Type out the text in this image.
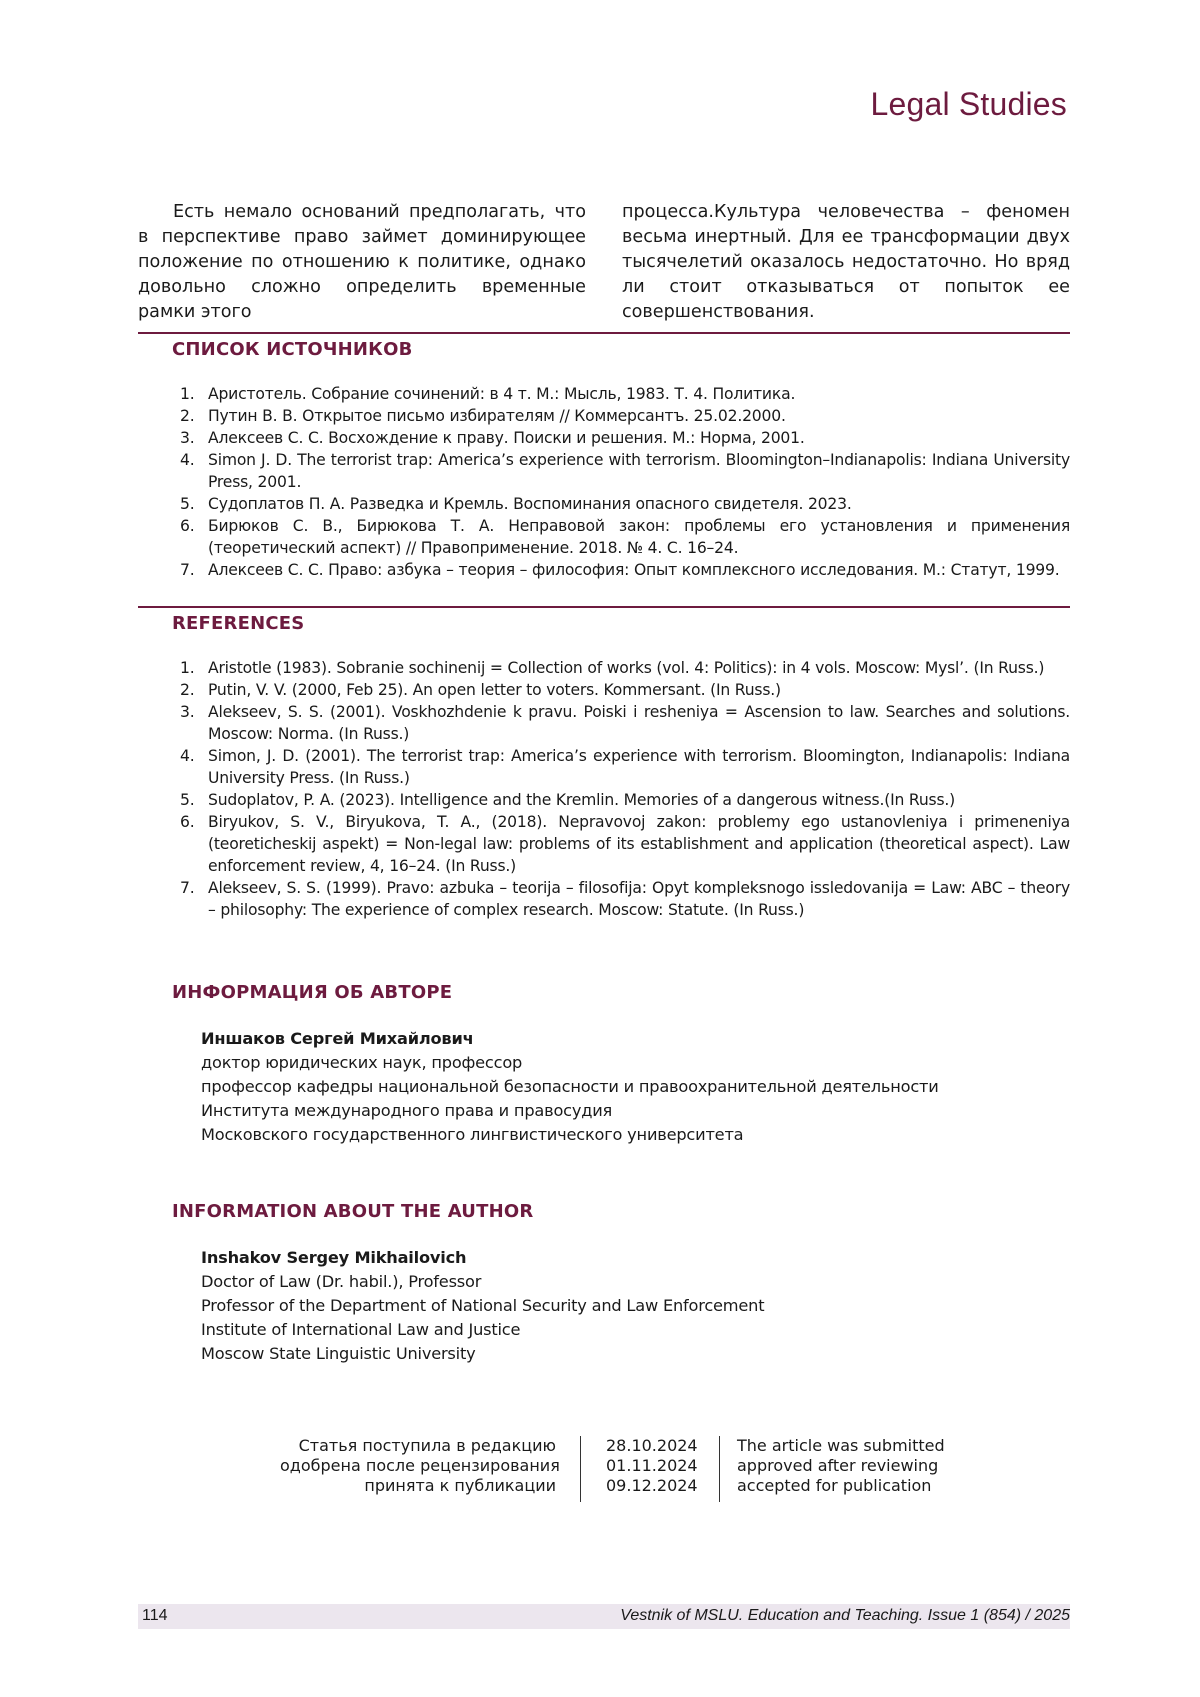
Legal Studies

Есть немало оснований предполагать, что в перспективе право займет доминирующее положение по отношению к политике, однако довольно сложно определить временные рамки этого

процесса.Культура человечества – феномен весьма инертный. Для ее трансформации двух тысячелетий оказалось недостаточно. Но вряд ли стоит отказываться от попыток ее совершенствования.

СПИСОК ИСТОЧНИКОВ
1. Аристотель. Собрание сочинений: в 4 т. М.: Мысль, 1983. Т. 4. Политика.
2. Путин В. В. Открытое письмо избирателям // Коммерсантъ. 25.02.2000.
3. Алексеев С. С. Восхождение к праву. Поиски и решения. М.: Норма, 2001.
4. Simon J. D. The terrorist trap: America’s experience with terrorism. Bloomington–Indianapolis: Indiana University Press, 2001.
5. Судоплатов П. А. Разведка и Кремль. Воспоминания опасного свидетеля. 2023.
6. Бирюков С. В., Бирюкова Т. А. Неправовой закон: проблемы его установления и применения (теоретический аспект) // Правоприменение. 2018. № 4. С. 16–24.
7. Алексеев С. С. Право: азбука – теория – философия: Опыт комплексного исследования. М.: Статут, 1999.
REFERENCES
1. Aristotle (1983). Sobranie sochinenij = Collection of works (vol. 4: Politics): in 4 vols. Moscow: Mysl’. (In Russ.)
2. Putin, V. V. (2000, Feb 25). An open letter to voters. Kommersant. (In Russ.)
3. Alekseev, S. S. (2001). Voskhozhdenie k pravu. Poiski i resheniya = Ascension to law. Searches and solutions. Moscow: Norma. (In Russ.)
4. Simon, J. D. (2001). The terrorist trap: America’s experience with terrorism. Bloomington, Indianapolis: Indiana University Press. (In Russ.)
5. Sudoplatov, P. A. (2023). Intelligence and the Kremlin. Memories of a dangerous witness.(In Russ.)
6. Biryukov, S. V., Biryukova, T. A., (2018). Nepravovoj zakon: problemy ego ustanovleniya i primeneniya (teoreticheskij aspekt) = Non-legal law: problems of its establishment and application (theoretical aspect). Law enforcement review, 4, 16–24. (In Russ.)
7. Alekseev, S. S. (1999). Pravo: azbuka – teorija – filosofija: Opyt kompleksnogo issledovanija = Law: ABC – theory – philosophy: The experience of complex research. Moscow: Statute. (In Russ.)
ИНФОРМАЦИЯ ОБ АВТОРЕ
Иншаков Сергей Михайлович
доктор юридических наук, профессор
профессор кафедры национальной безопасности и правоохранительной деятельности
Института международного права и правосудия
Московского государственного лингвистического университета
INFORMATION ABOUT THE AUTHOR
Inshakov Sergey Mikhailovich
Doctor of Law (Dr. habil.), Professor
Professor of the Department of National Security and Law Enforcement
Institute of International Law and Justice
Moscow State Linguistic University
Статья поступила в редакцию
одобрена после рецензирования
принята к публикации
28.10.2024
01.11.2024
09.12.2024
The article was submitted
approved after reviewing
accepted for publication
114	Vestnik of MSLU. Education and Teaching. Issue 1 (854) / 2025
